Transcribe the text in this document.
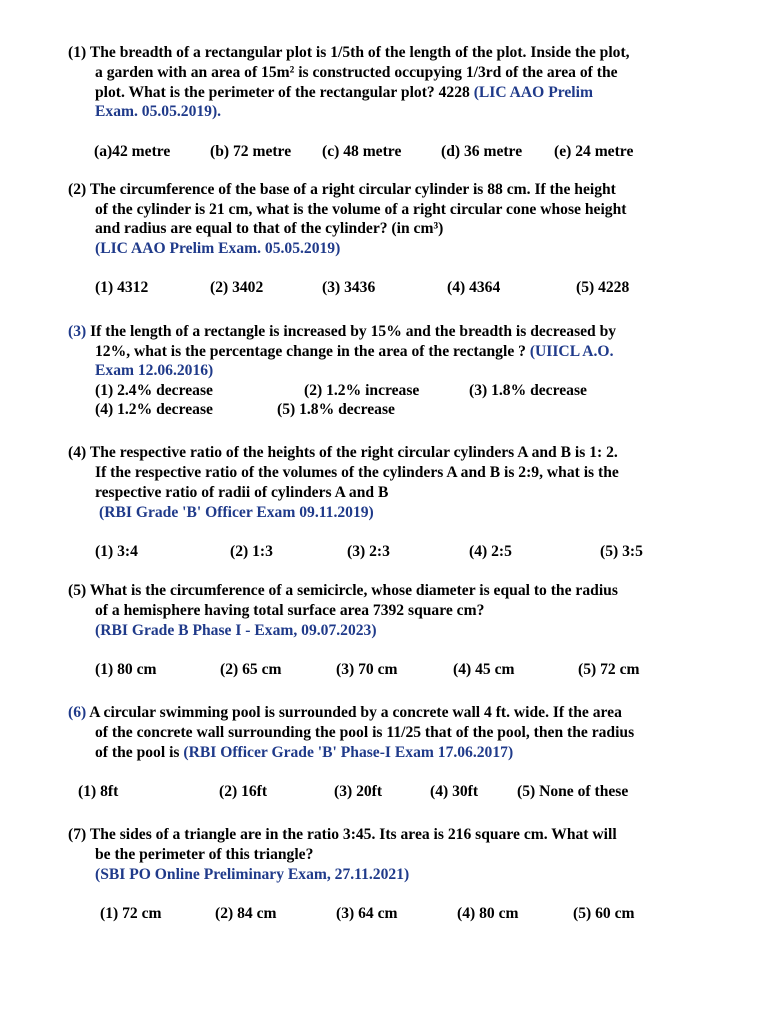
(1) The breadth of a rectangular plot is 1/5th of the length of the plot. Inside the plot,
a garden with an area of 15m² is constructed occupying 1/3rd of the area of the
plot. What is the perimeter of the rectangular plot? 4228 (LIC AAO Prelim
Exam. 05.05.2019).
(a)42 metre	(b) 72 metre (c) 48 metre	(d) 36 metre (e) 24 metre
(2) The circumference of the base of a right circular cylinder is 88 cm. If the height
of the cylinder is 21 cm, what is the volume of a right circular cone whose height
and radius are equal to that of the cylinder? (in cm³)
(LIC AAO Prelim Exam. 05.05.2019)
(1) 4312	(2) 3402	(3) 3436	(4) 4364	(5) 4228
(3) If the length of a rectangle is increased by 15% and the breadth is decreased by
12%, what is the percentage change in the area of the rectangle ? (UIICL A.O.
Exam 12.06.2016)
(1) 2.4% decrease	(2) 1.2% increase	(3) 1.8% decrease
(4) 1.2% decrease	(5) 1.8% decrease
(4) The respective ratio of the heights of the right circular cylinders A and B is 1: 2.
If the respective ratio of the volumes of the cylinders A and B is 2:9, what is the
respective ratio of radii of cylinders A and B
(RBI Grade 'B' Officer Exam 09.11.2019)
(1) 3:4	(2) 1:3	(3) 2:3	(4) 2:5	(5) 3:5
(5) What is the circumference of a semicircle, whose diameter is equal to the radius
of a hemisphere having total surface area 7392 square cm?
(RBI Grade B Phase I - Exam, 09.07.2023)
(1) 80 cm	(2) 65 cm	(3) 70 cm	(4) 45 cm	(5) 72 cm
(6) A circular swimming pool is surrounded by a concrete wall 4 ft. wide. If the area
of the concrete wall surrounding the pool is 11/25 that of the pool, then the radius
of the pool is (RBI Officer Grade 'B' Phase-I Exam 17.06.2017)
(1) 8ft	(2) 16ft	(3) 20ft	(4) 30ft (5) None of these
(7) The sides of a triangle are in the ratio 3:45. Its area is 216 square cm. What will
be the perimeter of this triangle?
(SBI PO Online Preliminary Exam, 27.11.2021)
(1) 72 cm	(2) 84 cm	(3) 64 cm	(4) 80 cm	(5) 60 cm
